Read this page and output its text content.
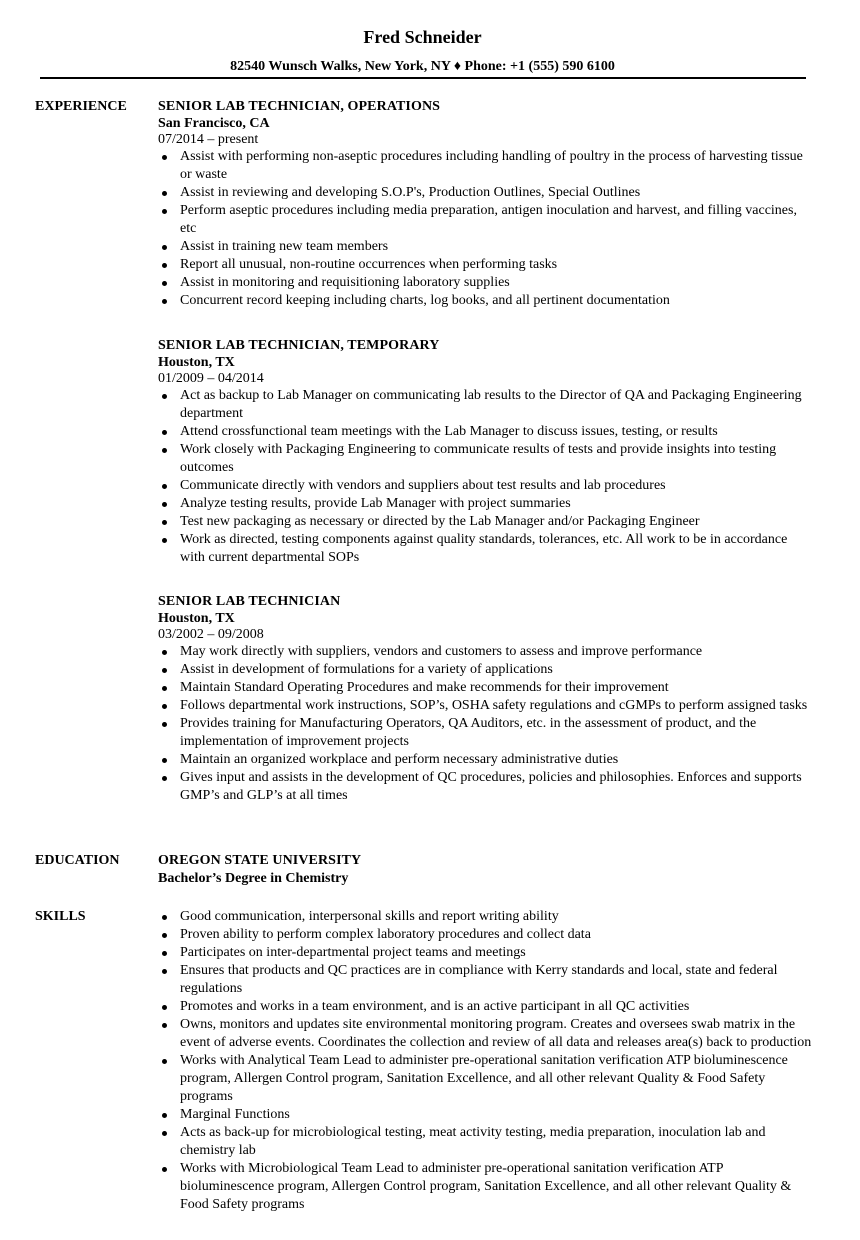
Fred Schneider
82540 Wunsch Walks, New York, NY ♦ Phone: +1 (555) 590 6100
EXPERIENCE SENIOR LAB TECHNICIAN, OPERATIONS
San Francisco, CA
07/2014 – present
Assist with performing non-aseptic procedures including handling of poultry in the process of harvesting tissue or waste
Assist in reviewing and developing S.O.P's, Production Outlines, Special Outlines
Perform aseptic procedures including media preparation, antigen inoculation and harvest, and filling vaccines, etc
Assist in training new team members
Report all unusual, non-routine occurrences when performing tasks
Assist in monitoring and requisitioning laboratory supplies
Concurrent record keeping including charts, log books, and all pertinent documentation
SENIOR LAB TECHNICIAN, TEMPORARY
Houston, TX
01/2009 – 04/2014
Act as backup to Lab Manager on communicating lab results to the Director of QA and Packaging Engineering department
Attend crossfunctional team meetings with the Lab Manager to discuss issues, testing, or results
Work closely with Packaging Engineering to communicate results of tests and provide insights into testing outcomes
Communicate directly with vendors and suppliers about test results and lab procedures
Analyze testing results, provide Lab Manager with project summaries
Test new packaging as necessary or directed by the Lab Manager and/or Packaging Engineer
Work as directed, testing components against quality standards, tolerances, etc. All work to be in accordance with current departmental SOPs
SENIOR LAB TECHNICIAN
Houston, TX
03/2002 – 09/2008
May work directly with suppliers, vendors and customers to assess and improve performance
Assist in development of formulations for a variety of applications
Maintain Standard Operating Procedures and make recommends for their improvement
Follows departmental work instructions, SOP’s, OSHA safety regulations and cGMPs to perform assigned tasks
Provides training for Manufacturing Operators, QA Auditors, etc. in the assessment of product, and the implementation of improvement projects
Maintain an organized workplace and perform necessary administrative duties
Gives input and assists in the development of QC procedures, policies and philosophies. Enforces and supports GMP’s and GLP’s at all times
EDUCATION	OREGON STATE UNIVERSITY
Bachelor’s Degree in Chemistry
SKILLS	Good communication, interpersonal skills and report writing ability
Proven ability to perform complex laboratory procedures and collect data
Participates on inter-departmental project teams and meetings
Ensures that products and QC practices are in compliance with Kerry standards and local, state and federal regulations
Promotes and works in a team environment, and is an active participant in all QC activities
Owns, monitors and updates site environmental monitoring program. Creates and oversees swab matrix in the event of adverse events. Coordinates the collection and review of all data and releases area(s) back to production
Works with Analytical Team Lead to administer pre-operational sanitation verification ATP bioluminescence program, Allergen Control program, Sanitation Excellence, and all other relevant Quality & Food Safety programs
Marginal Functions
Acts as back-up for microbiological testing, meat activity testing, media preparation, inoculation lab and chemistry lab
Works with Microbiological Team Lead to administer pre-operational sanitation verification ATP bioluminescence program, Allergen Control program, Sanitation Excellence, and all other relevant Quality & Food Safety programs
